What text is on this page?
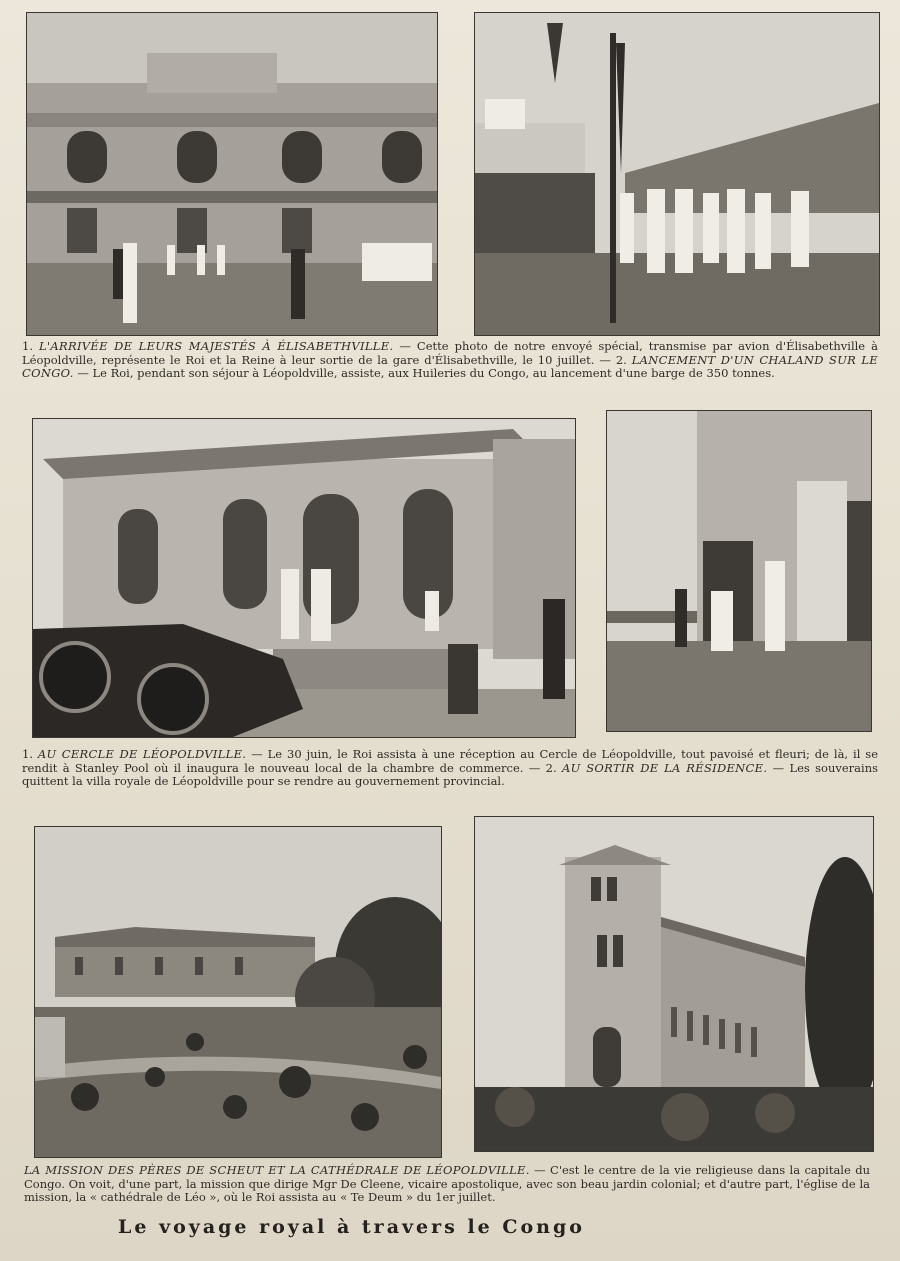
1. L'ARRIVÉE DE LEURS MAJESTÉS À ÉLISABETHVILLE. — Cette photo de notre envoyé spécial, transmise par avion d'Élisabethville à Léopoldville, représente le Roi et la Reine à leur sortie de la gare d'Élisabethville, le 10 juillet. — 2. LANCEMENT D'UN CHALAND SUR LE CONGO. — Le Roi, pendant son séjour à Léopoldville, assiste, aux Huileries du Congo, au lancement d'une barge de 350 tonnes.
1. AU CERCLE DE LÉOPOLDVILLE. — Le 30 juin, le Roi assista à une réception au Cercle de Léopoldville, tout pavoisé et fleuri; de là, il se rendit à Stanley Pool où il inaugura le nouveau local de la chambre de commerce. — 2. AU SORTIR DE LA RÉSIDENCE. — Les souverains quittent la villa royale de Léopoldville pour se rendre au gouvernement provincial.
LA MISSION DES PÈRES DE SCHEUT ET LA CATHÉDRALE DE LÉOPOLDVILLE. — C'est le centre de la vie religieuse dans la capitale du Congo. On voit, d'une part, la mission que dirige Mgr De Cleene, vicaire apostolique, avec son beau jardin colonial; et d'autre part, l'église de la mission, la « cathédrale de Léo », où le Roi assista au « Te Deum » du 1er juillet.
Le voyage royal à travers le Congo
